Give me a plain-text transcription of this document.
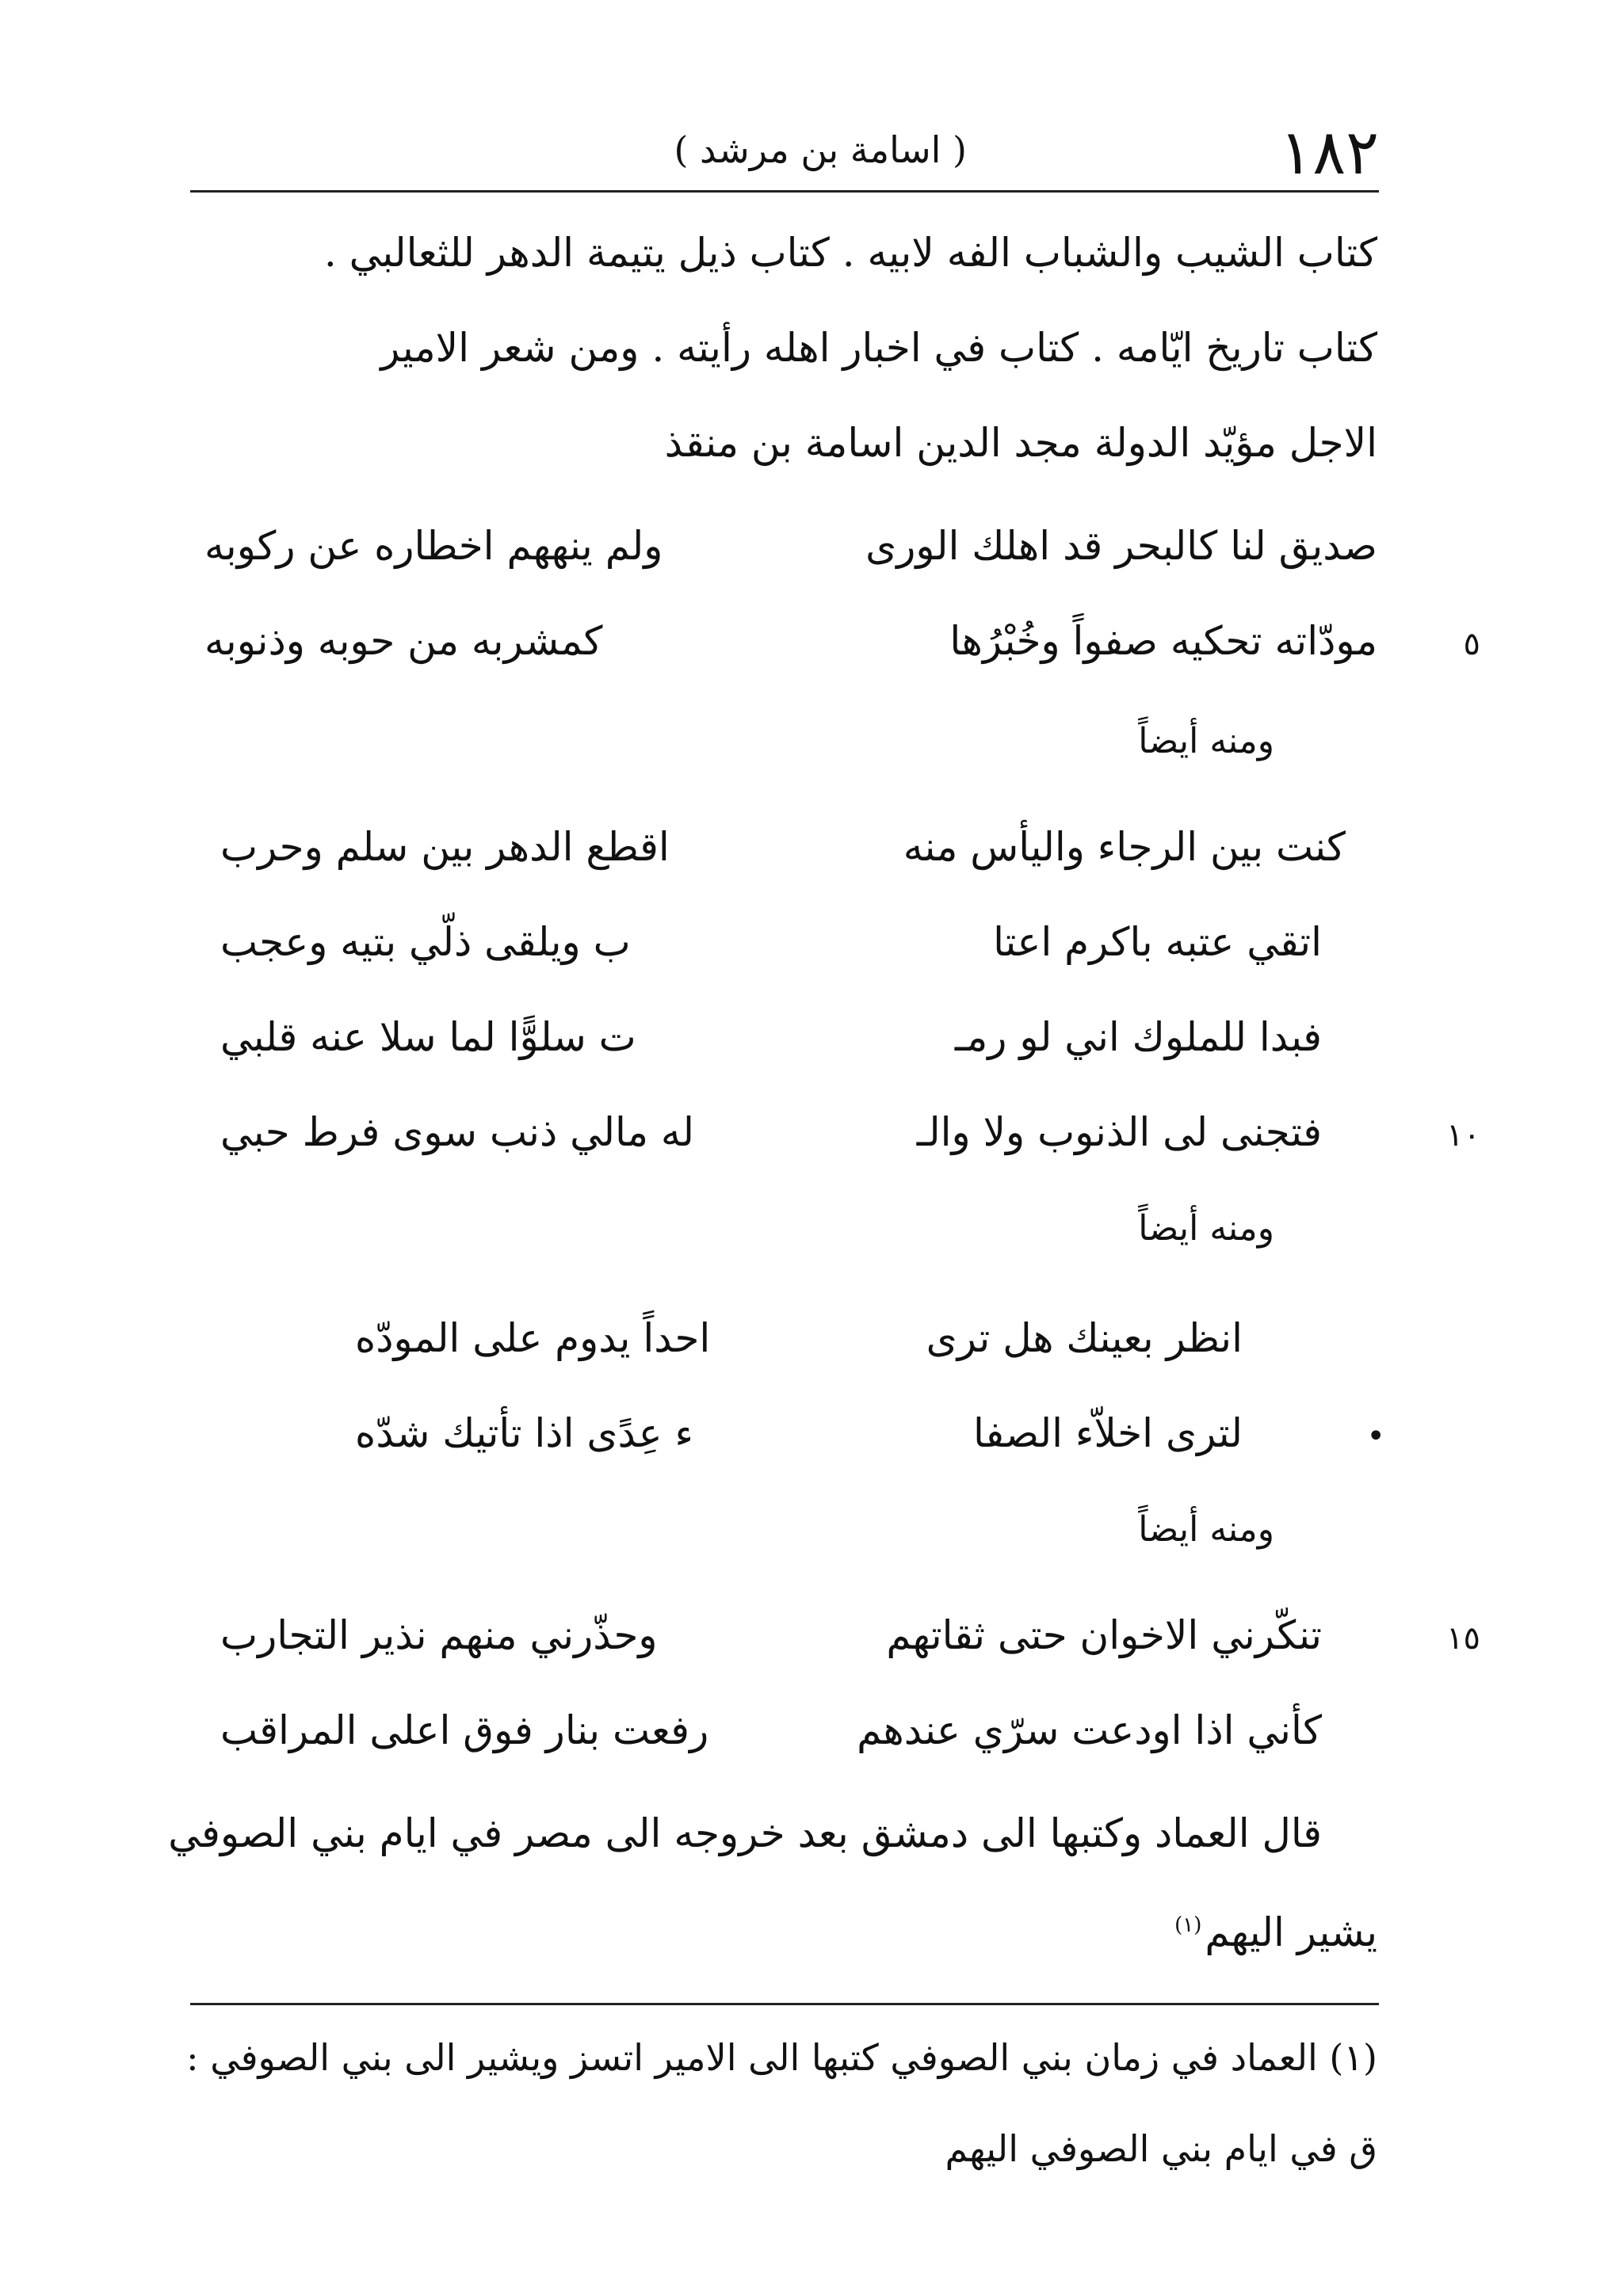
١٨٢
( اسامة بن مرشد )
كتاب الشيب والشباب الفه لابيه . كتاب ذيل يتيمة الدهر للثعالبي .
كتاب تاريخ ايّامه . كتاب في اخبار اهله رأيته . ومن شعر الامير
الاجل مؤيّد الدولة مجد الدين اسامة بن منقذ
صديق لنا كالبحر قد اهلك الورى
ولم ينههم اخطاره عن ركوبه
٥
مودّاته تحكيه صفواً وخُبْرُها
كمشربه من حوبه وذنوبه
ومنه أيضاً
كنت بين الرجاء واليأس منه
اقطع الدهر بين سلم وحرب
اتقي عتبه باكرم اعتا
ب ويلقى ذلّي بتيه وعجب
فبدا للملوك اني لو رمـ
ت سلوًّا لما سلا عنه قلبي
١٠
فتجنى لى الذنوب ولا والـ
له مالي ذنب سوى فرط حبي
ومنه أيضاً
انظر بعينك هل ترى
احداً يدوم على المودّه
•
لترى اخلاّء الصفا
ء عِدًى اذا تأتيك شدّه
ومنه أيضاً
١٥
تنكّرني الاخوان حتى ثقاتهم
وحذّرني منهم نذير التجارب
كأني اذا اودعت سرّي عندهم
رفعت بنار فوق اعلى المراقب
قال العماد وكتبها الى دمشق بعد خروجه الى مصر في ايام بني الصوفي
يشير اليهم$^{(١)}$
(١) العماد في زمان بني الصوفي كتبها الى الامير اتسز ويشير الى بني الصوفي :
ق في ايام بني الصوفي اليهم
